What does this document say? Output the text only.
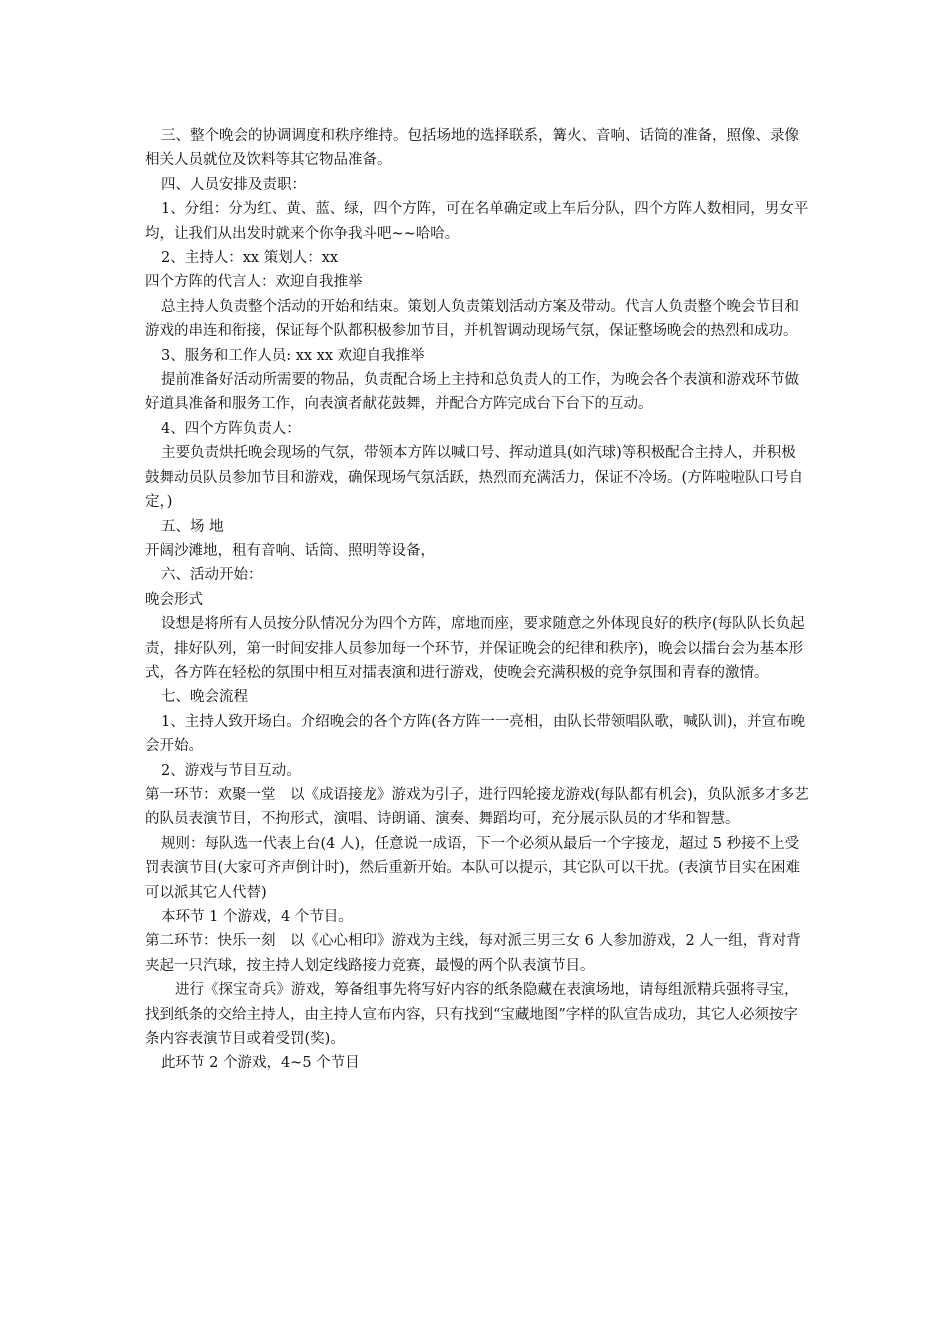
三、整个晚会的协调调度和秩序维持。包括场地的选择联系，篝火、音响、话筒的准备，照像、录像相关人员就位及饮料等其它物品准备。

四、人员安排及责职：

1、分组：分为红、黄、蓝、绿，四个方阵，可在名单确定或上车后分队，四个方阵人数相同，男女平均，让我们从出发时就来个你争我斗吧~~哈哈。

2、主持人：xx 策划人：xx

四个方阵的代言人：欢迎自我推举

总主持人负责整个活动的开始和结束。策划人负责策划活动方案及带动。代言人负责整个晚会节目和游戏的串连和衔接，保证每个队都积极参加节目，并机智调动现场气氛，保证整场晚会的热烈和成功。

3、服务和工作人员: xx xx 欢迎自我推举

提前准备好活动所需要的物品，负责配合场上主持和总负责人的工作，为晚会各个表演和游戏环节做好道具准备和服务工作，向表演者献花鼓舞，并配合方阵完成台下台下的互动。

4、四个方阵负责人：

主要负责烘托晚会现场的气氛，带领本方阵以喊口号、挥动道具(如汽球)等积极配合主持人，并积极鼓舞动员队员参加节目和游戏，确保现场气氛活跃，热烈而充满活力，保证不冷场。(方阵啦啦队口号自定，)

五、场 地

开阔沙滩地，租有音响、话筒、照明等设备，

六、活动开始：

晚会形式

设想是将所有人员按分队情况分为四个方阵，席地而座，要求随意之外体现良好的秩序(每队队长负起责，排好队列，第一时间安排人员参加每一个环节，并保证晚会的纪律和秩序)，晚会以擂台会为基本形式，各方阵在轻松的氛围中相互对擂表演和进行游戏，使晚会充满积极的竞争氛围和青春的激情。

七、晚会流程

1、主持人致开场白。介绍晚会的各个方阵(各方阵一一亮相，由队长带领唱队歌，喊队训)，并宣布晚会开始。

2、游戏与节目互动。

第一环节：欢聚一堂　以《成语接龙》游戏为引子，进行四轮接龙游戏(每队都有机会)，负队派多才多艺的队员表演节目，不拘形式，演唱、诗朗诵、演奏、舞蹈均可，充分展示队员的才华和智慧。

规则：每队选一代表上台(4 人)，任意说一成语，下一个必须从最后一个字接龙，超过 5 秒接不上受罚表演节目(大家可齐声倒计时)，然后重新开始。本队可以提示，其它队可以干扰。(表演节目实在困难可以派其它人代替)

本环节 1 个游戏，4 个节目。

第二环节：快乐一刻　以《心心相印》游戏为主线，每对派三男三女 6 人参加游戏，2 人一组，背对背夹起一只汽球，按主持人划定线路接力竞赛，最慢的两个队表演节目。

进行《探宝奇兵》游戏，筹备组事先将写好内容的纸条隐藏在表演场地，请每组派精兵强将寻宝，找到纸条的交给主持人，由主持人宣布内容，只有找到“宝藏地图”字样的队宣告成功，其它人必须按字条内容表演节目或着受罚(奖)。

此环节 2 个游戏，4~5 个节目
